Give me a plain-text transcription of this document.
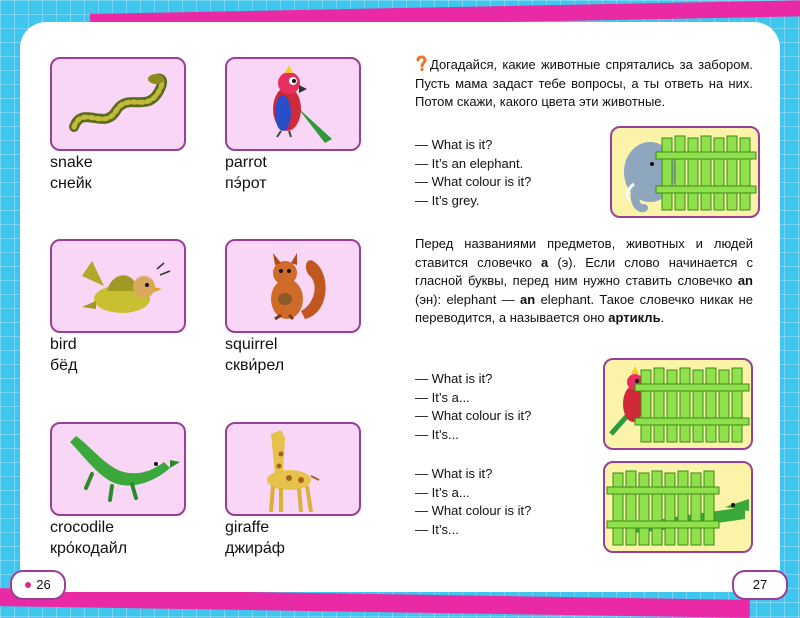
snake
снейк
parrot
пэ́рот
bird
бёд
squirrel
скви́рел
crocodile
кро́кодайл
giraffe
джира́ф
26
Догадайся, какие животные спрятались за забором. Пусть мама задаст тебе вопросы, а ты ответь на них. Потом скажи, какого цвета эти животные.
— What is it?
— It’s an elephant.
— What colour is it?
— It’s grey.
Перед названиями предметов, животных и людей ставится словечко a (э). Если слово начинается с гласной буквы, перед ним нужно ставить словечко an (эн): elephant — an elephant. Такое словечко никак не переводится, а называется оно артикль.
— What is it?
— It’s a...
— What colour is it?
— It’s...
— What is it?
— It’s a...
— What colour is it?
— It’s...
27
